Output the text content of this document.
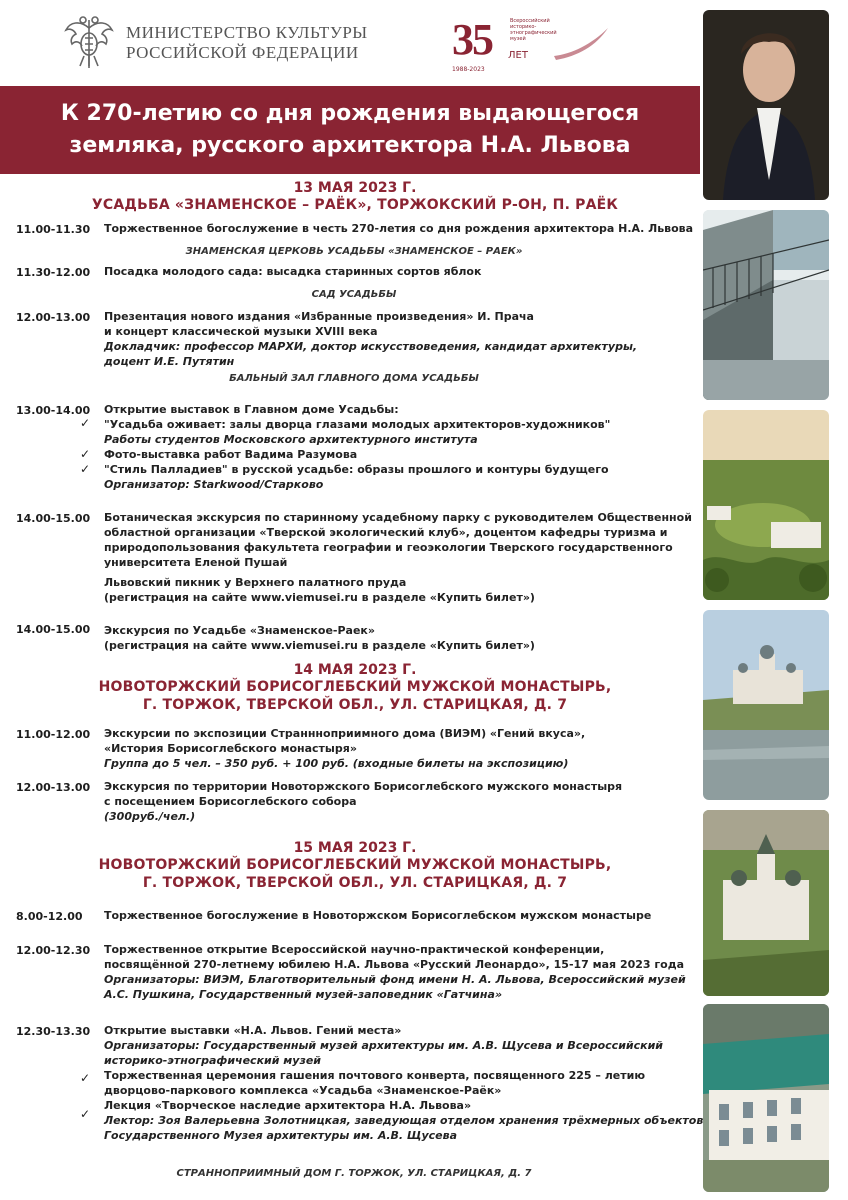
МИНИСТЕРСТВО КУЛЬТУРЫ
РОССИЙСКОЙ ФЕДЕРАЦИИ 35	Всероссийский историко-этнографический музей
ЛЕТ
1988-2023
К 270-летию со дня рождения выдающегося
земляка, русского архитектора Н.А. Львова
13 МАЯ 2023 Г.
УСАДЬБА «ЗНАМЕНСКОЕ – РАЁК», ТОРЖОКСКИЙ Р-ОН, П. РАЁК
11.00-11.30 Торжественное богослужение в честь 270-летия со дня рождения архитектора Н.А. Львова
ЗНАМЕНСКАЯ ЦЕРКОВЬ УСАДЬБЫ «ЗНАМЕНСКОЕ – РАЕК»
11.30-12.00 Посадка молодого сада: высадка старинных сортов яблок
САД УСАДЬБЫ
12.00-13.00 Презентация нового издания «Избранные произведения» И. Прача
и концерт классической музыки XVIII века
Докладчик: профессор МАРХИ, доктор искусствоведения, кандидат архитектуры,
доцент И.Е. Путятин
БАЛЬНЫЙ ЗАЛ ГЛАВНОГО ДОМА УСАДЬБЫ
13.00-14.00 Открытие выставок в Главном доме Усадьбы:
"Усадьба оживает: залы дворца глазами молодых архитекторов-художников"
Работы студентов Московского архитектурного института
Фото-выставка работ Вадима Разумова
"Стиль Палладиев" в русской усадьбе: образы прошлого и контуры будущего
Организатор: Starkwood/Старково
✓
✓
✓
14.00-15.00 Ботаническая экскурсия по старинному усадебному парку с руководителем Общественной
областной организации «Тверской экологический клуб», доцентом кафедры туризма и
природопользования факультета географии и геоэкологии Тверского государственного
университета Еленой Пушай
Львовский пикник у Верхнего палатного пруда
(регистрация на сайте www.viemusei.ru в разделе «Купить билет»)
14.00-15.00 Экскурсия по Усадьбе «Знаменское-Раек»
(регистрация на сайте www.viemusei.ru в разделе «Купить билет»)
14 МАЯ 2023 Г.
НОВОТОРЖСКИЙ БОРИСОГЛЕБСКИЙ МУЖСКОЙ МОНАСТЫРЬ,
Г. ТОРЖОК, ТВЕРСКОЙ ОБЛ., УЛ. СТАРИЦКАЯ, Д. 7
11.00-12.00 Экскурсии по экспозиции Страннноприимного дома (ВИЭМ) «Гений вкуса»,
«История Борисоглебского монастыря»
Группа до 5 чел. – 350 руб. + 100 руб. (входные билеты на экспозицию)
12.00-13.00 Экскурсия по территории Новоторжского Борисоглебского мужского монастыря
с посещением Борисоглебского собора
(300руб./чел.)
15 МАЯ 2023 Г.
НОВОТОРЖСКИЙ БОРИСОГЛЕБСКИЙ МУЖСКОЙ МОНАСТЫРЬ,
Г. ТОРЖОК, ТВЕРСКОЙ ОБЛ., УЛ. СТАРИЦКАЯ, Д. 7
8.00-12.00 Торжественное богослужение в Новоторжском Борисоглебском мужском монастыре
12.00-12.30 Торжественное открытие Всероссийской научно-практической конференции,
посвящённой 270-летнему юбилею Н.А. Львова «Русский Леонардо», 15-17 мая 2023 года
Организаторы: ВИЭМ, Благотворительный фонд имени Н. А. Львова, Всероссийский музей
А.С. Пушкина, Государственный музей-заповедник «Гатчина»
12.30-13.30 Открытие выставки «Н.А. Львов. Гений места»
Организаторы: Государственный музей архитектуры им. А.В. Щусева и Всероссийский
историко-этнографический музей
Торжественная церемония гашения почтового конверта, посвященного 225 – летию
дворцово-паркового комплекса «Усадьба «Знаменское-Раёк»
Лекция «Творческое наследие архитектора Н.А. Львова»
Лектор: Зоя Валерьевна Золотницкая, заведующая отделом хранения трёхмерных объектов
Государственного Музея архитектуры им. А.В. Щусева
✓
✓
СТРАННОПРИИМНЫЙ ДОМ Г. ТОРЖОК, УЛ. СТАРИЦКАЯ, Д. 7
